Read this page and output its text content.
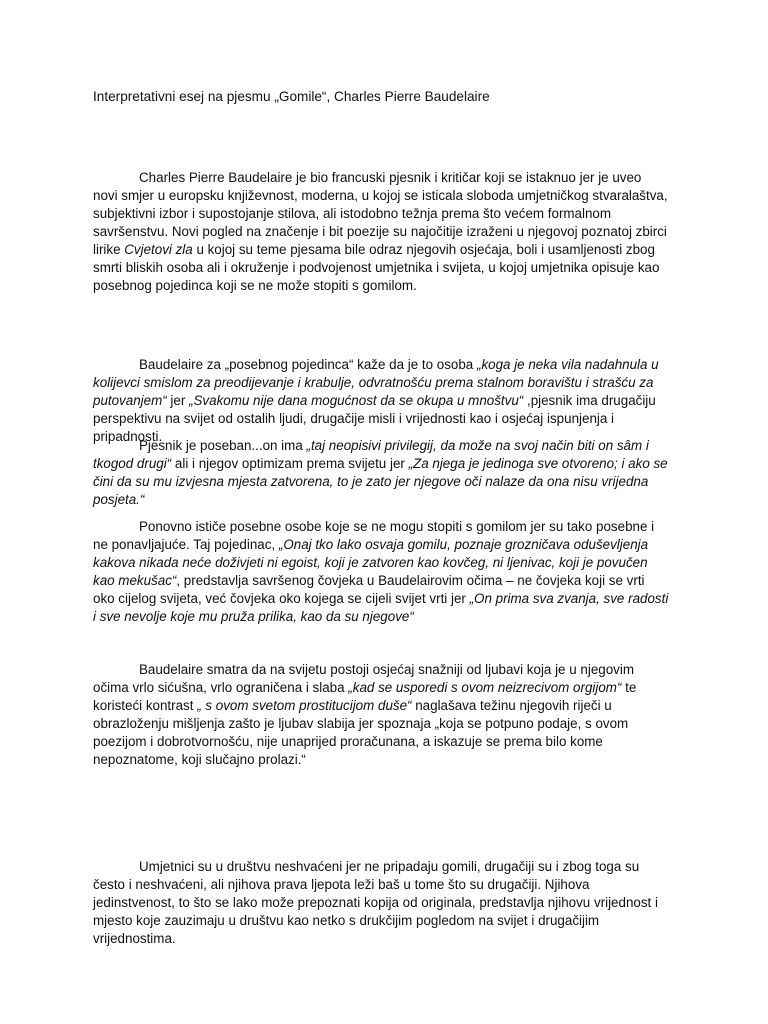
Interpretativni esej na pjesmu „Gomile“, Charles Pierre Baudelaire

Charles Pierre Baudelaire je bio francuski pjesnik i kritičar koji se istaknuo jer je uveo novi smjer u europsku književnost, moderna, u kojoj se isticala sloboda umjetničkog stvaralaštva, subjektivni izbor i supostojanje stilova, ali istodobno težnja prema što većem formalnom savršenstvu. Novi pogled na značenje i bit poezije su najočitije izraženi u njegovoj poznatoj zbirci lirike Cvjetovi zla u kojoj su teme pjesama bile odraz njegovih osjećaja, boli i usamljenosti zbog smrti bliskih osoba ali i okruženje i podvojenost umjetnika i svijeta, u kojoj umjetnika opisuje kao posebnog pojedinca koji se ne može stopiti s gomilom.

Baudelaire za „posebnog pojedinca“ kaže da je to osoba „koga je neka vila nadahnula u kolijevci smislom za preodijevanje i krabulje, odvratnošću prema stalnom boravištu i strašću za putovanjem“ jer „Svakomu nije dana mogućnost da se okupa u mnoštvu“ ,pjesnik ima drugačiju perspektivu na svijet od ostalih ljudi, drugačije misli i vrijednosti kao i osjećaj ispunjenja i pripadnosti.

Pjesnik je poseban...on ima „taj neopisivi privilegij, da može na svoj način biti on sâm i tkogod drugi“ ali i njegov optimizam prema svijetu jer „Za njega je jedinoga sve otvoreno; i ako se čini da su mu izvjesna mjesta zatvorena, to je zato jer njegove oči nalaze da ona nisu vrijedna posjeta.“

Ponovno ističe posebne osobe koje se ne mogu stopiti s gomilom jer su tako posebne i ne ponavljajuće. Taj pojedinac, „Onaj tko lako osvaja gomilu, poznaje grozničava oduševljenja kakova nikada neće doživjeti ni egoist, koji je zatvoren kao kovčeg, ni ljenivac, koji je povučen kao mekušac“, predstavlja savršenog čovjeka u Baudelairovim očima – ne čovjeka koji se vrti oko cijelog svijeta, već čovjeka oko kojega se cijeli svijet vrti jer „On prima sva zvanja, sve radosti i sve nevolje koje mu pruža prilika, kao da su njegove“

Baudelaire smatra da na svijetu postoji osjećaj snažniji od ljubavi koja je u njegovim očima vrlo sićušna, vrlo ograničena i slaba „kad se usporedi s ovom neizrecivom orgijom“ te koristeći kontrast „ s ovom svetom prostitucijom duše“ naglašava težinu njegovih riječi u obrazloženju mišljenja zašto je ljubav slabija jer spoznaja „koja se potpuno podaje, s ovom poezijom i dobrotvornošću, nije unaprijed proračunana, a iskazuje se prema bilo kome nepoznatome, koji slučajno prolazi.“

Umjetnici su u društvu neshvaćeni jer ne pripadaju gomili, drugačiji su i zbog toga su često i neshvaćeni, ali njihova prava ljepota leži baš u tome što su drugačiji. Njihova jedinstvenost, to što se lako može prepoznati kopija od originala, predstavlja njihovu vrijednost i mjesto koje zauzimaju u društvu kao netko s drukčijim pogledom na svijet i drugačijim vrijednostima.
